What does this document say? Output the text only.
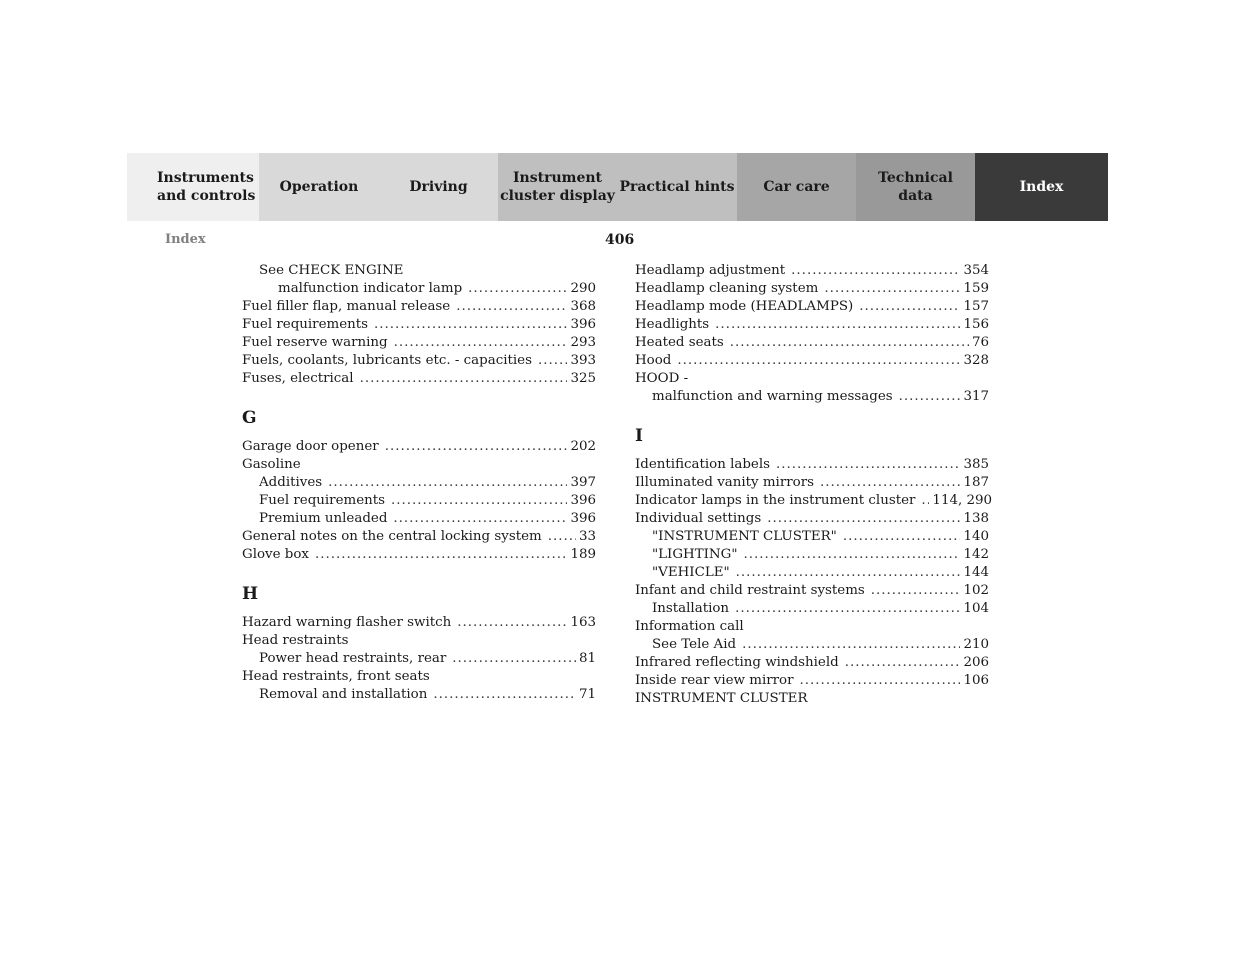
Instruments
and controls
Operation	Driving
Instrument
cluster display
Practical hints Car care
Technical
data
Index
Index	406
See CHECK ENGINE
malfunction indicator lamp .....	290
Fuel filler flap, manual release .....	368
Fuel requirements .....	396
Fuel reserve warning .....	293
Fuels, coolants, lubricants etc. - capacities .....	393
Fuses, electrical .....	325
G
Garage door opener .....	202
Gasoline
Additives .....	397
Fuel requirements .....	396
Premium unleaded .....	396
General notes on the central locking system .....	33
Glove box .....	189
H
Hazard warning flasher switch .....	163
Head restraints
Power head restraints, rear .....	81
Head restraints, front seats
Removal and installation .....	71
Headlamp adjustment .....	354
Headlamp cleaning system .....	159
Headlamp mode (HEADLAMPS) .....	157
Headlights .....	156
Heated seats .....	76
Hood .....	328
HOOD -
malfunction and warning messages .....	317
I
Identification labels .....	385
Illuminated vanity mirrors .....	187
Indicator lamps in the instrument cluster ..... 114, 290
Individual settings .....	138
"INSTRUMENT CLUSTER" .....	140
"LIGHTING" .....	142
"VEHICLE" .....	144
Infant and child restraint systems .....	102
Installation .....	104
Information call
See Tele Aid .....	210
Infrared reflecting windshield .....	206
Inside rear view mirror .....	106
INSTRUMENT CLUSTER
